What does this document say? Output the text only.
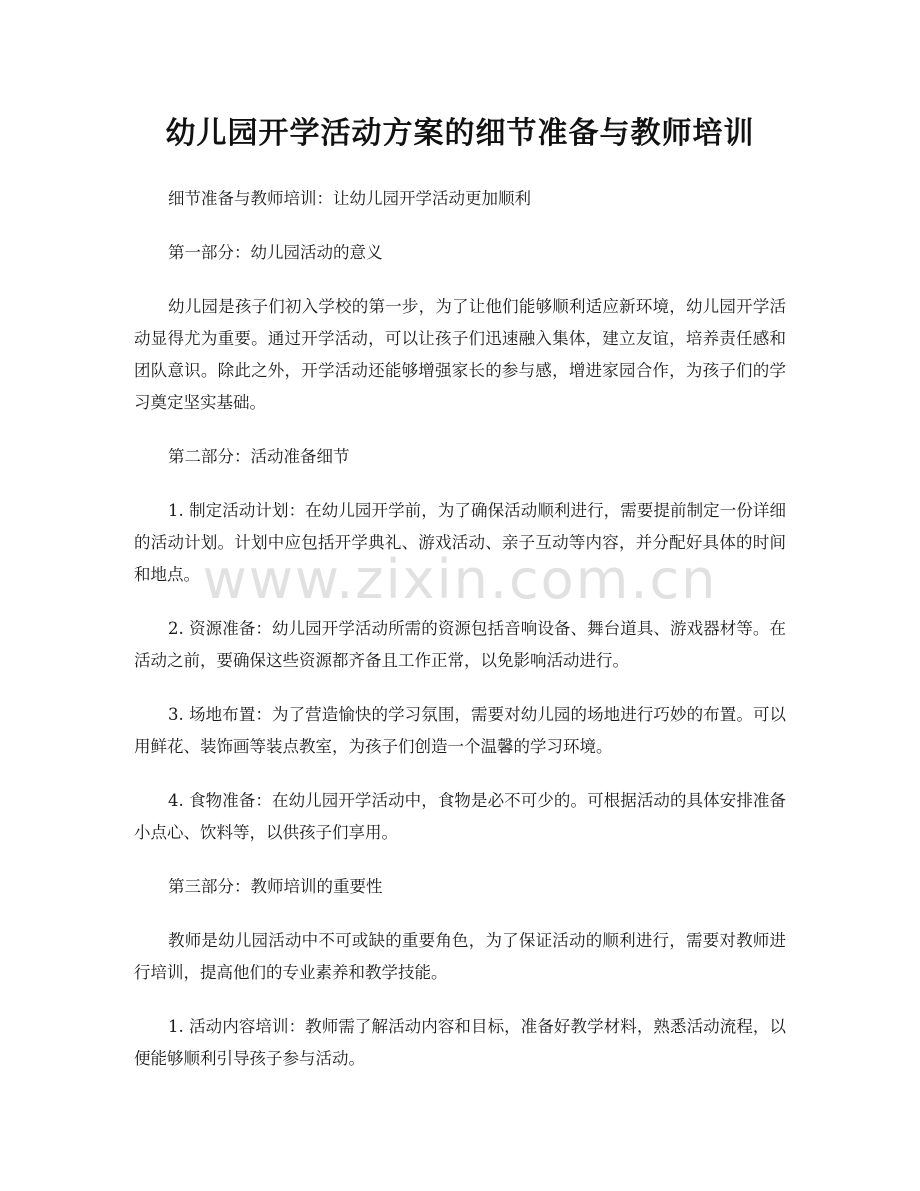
幼儿园开学活动方案的细节准备与教师培训

细节准备与教师培训：让幼儿园开学活动更加顺利

第一部分：幼儿园活动的意义

幼儿园是孩子们初入学校的第一步，为了让他们能够顺利适应新环境，幼儿园开学活动显得尤为重要。通过开学活动，可以让孩子们迅速融入集体，建立友谊，培养责任感和团队意识。除此之外，开学活动还能够增强家长的参与感，增进家园合作，为孩子们的学习奠定坚实基础。

第二部分：活动准备细节

1. 制定活动计划：在幼儿园开学前，为了确保活动顺利进行，需要提前制定一份详细的活动计划。计划中应包括开学典礼、游戏活动、亲子互动等内容，并分配好具体的时间和地点。

2. 资源准备：幼儿园开学活动所需的资源包括音响设备、舞台道具、游戏器材等。在活动之前，要确保这些资源都齐备且工作正常，以免影响活动进行。

3. 场地布置：为了营造愉快的学习氛围，需要对幼儿园的场地进行巧妙的布置。可以用鲜花、装饰画等装点教室，为孩子们创造一个温馨的学习环境。

4. 食物准备：在幼儿园开学活动中，食物是必不可少的。可根据活动的具体安排准备小点心、饮料等，以供孩子们享用。

第三部分：教师培训的重要性

教师是幼儿园活动中不可或缺的重要角色，为了保证活动的顺利进行，需要对教师进行培训，提高他们的专业素养和教学技能。

1. 活动内容培训：教师需了解活动内容和目标，准备好教学材料，熟悉活动流程，以便能够顺利引导孩子参与活动。

www.zixin.com.cn
